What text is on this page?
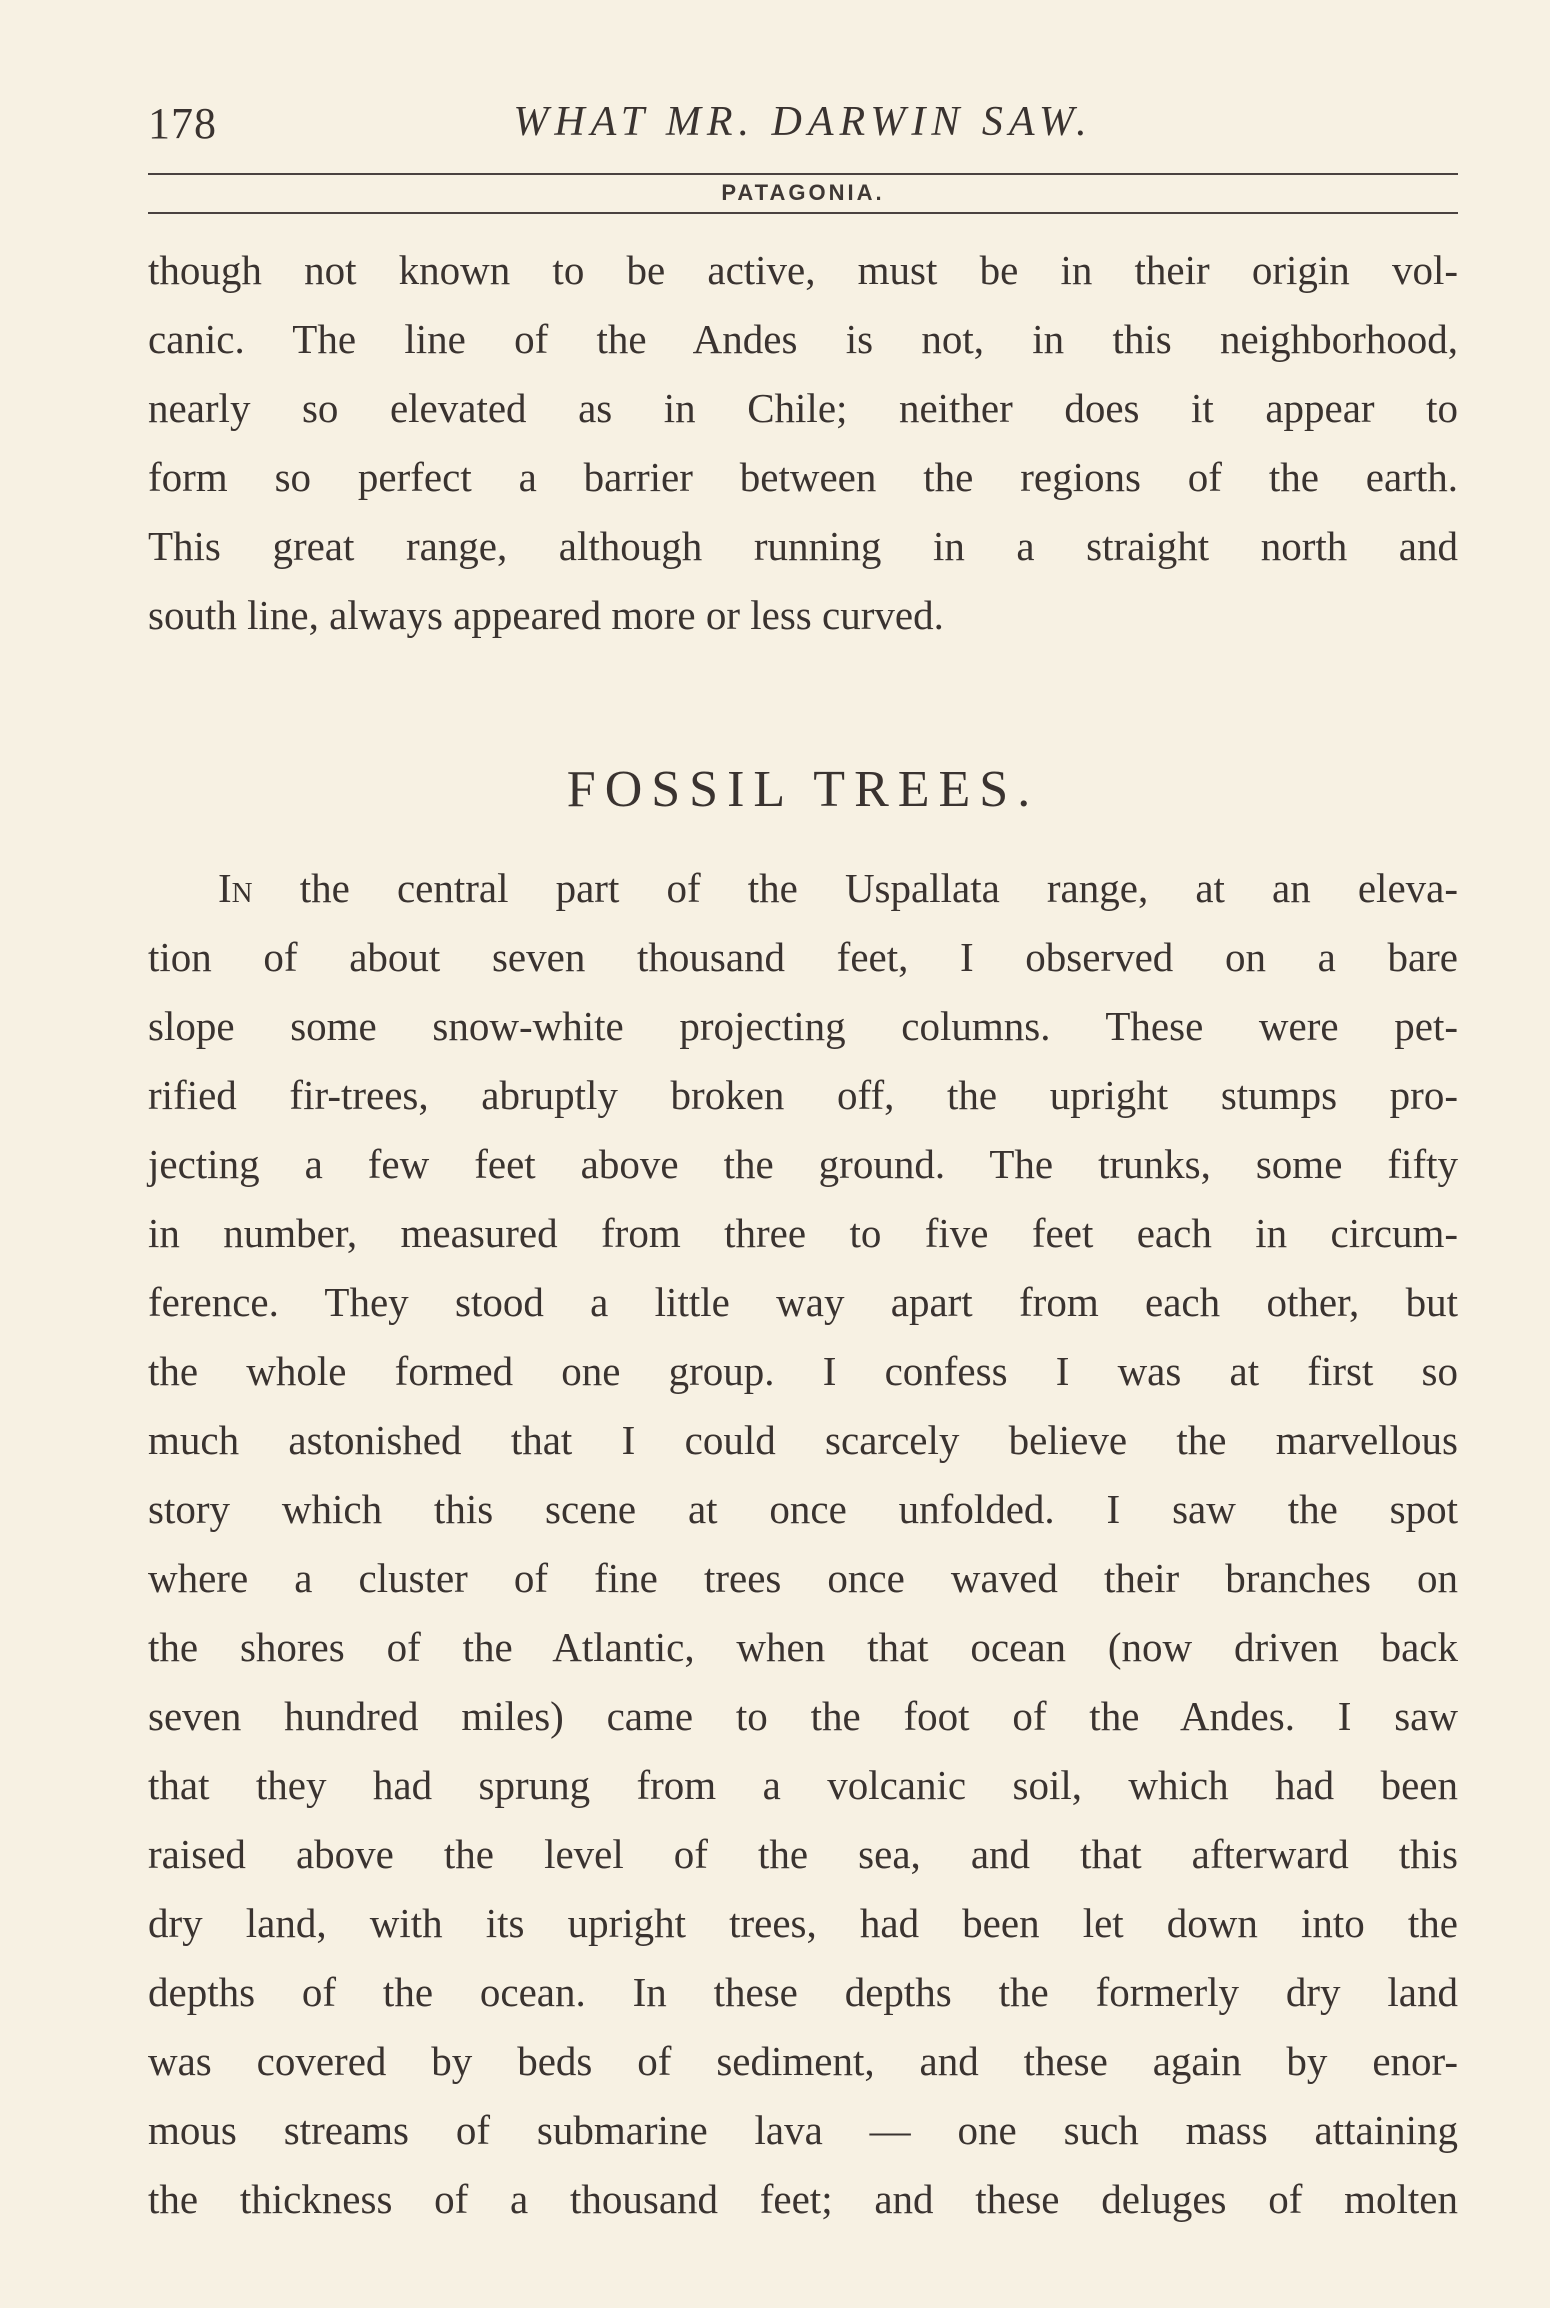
178	WHAT MR. DARWIN SAW.
PATAGONIA.
though not known to be active, must be in their origin vol-
canic. The line of the Andes is not, in this neighborhood,
nearly so elevated as in Chile; neither does it appear to
form so perfect a barrier between the regions of the earth.
This great range, although running in a straight north and
south line, always appeared more or less curved.
FOSSIL TREES.
In the central part of the Uspallata range, at an eleva-
tion of about seven thousand feet, I observed on a bare
slope some snow-white projecting columns. These were pet-
rified fir-trees, abruptly broken off, the upright stumps pro-
jecting a few feet above the ground. The trunks, some fifty
in number, measured from three to five feet each in circum-
ference. They stood a little way apart from each other, but
the whole formed one group. I confess I was at first so
much astonished that I could scarcely believe the marvellous
story which this scene at once unfolded. I saw the spot
where a cluster of fine trees once waved their branches on
the shores of the Atlantic, when that ocean (now driven back
seven hundred miles) came to the foot of the Andes. I saw
that they had sprung from a volcanic soil, which had been
raised above the level of the sea, and that afterward this
dry land, with its upright trees, had been let down into the
depths of the ocean. In these depths the formerly dry land
was covered by beds of sediment, and these again by enor-
mous streams of submarine lava — one such mass attaining
the thickness of a thousand feet; and these deluges of molten
